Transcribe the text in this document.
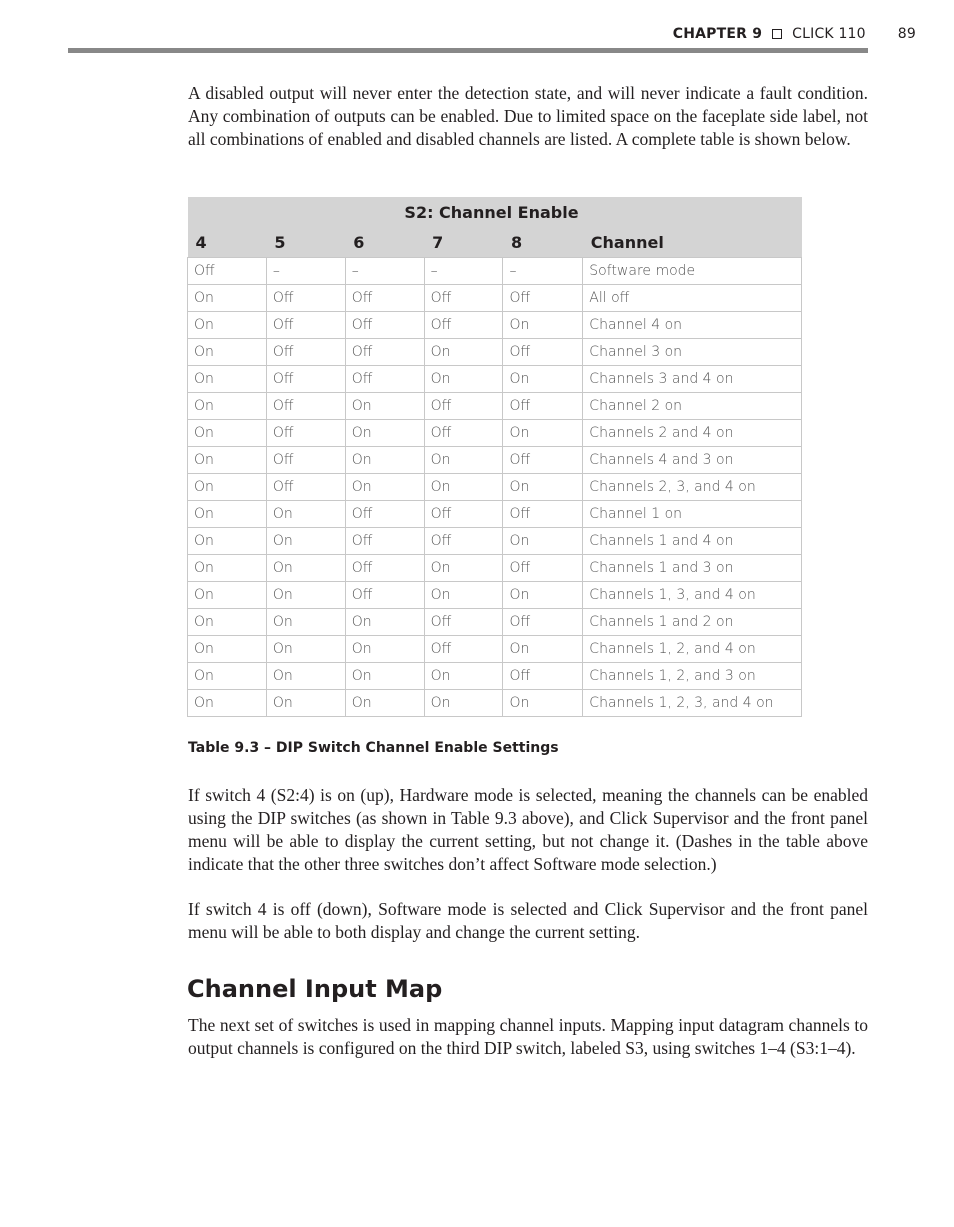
CHAPTER 9 CLICK 110 89

A disabled output will never enter the detection state, and will never indicate a fault condition. Any combination of outputs can be enabled. Due to limited space on the faceplate side label, not all combinations of enabled and disabled channels are listed. A complete table is shown below.

S2: Channel Enable					
4	5	6	7	8	Channel
Off	–	–	–	–	Software mode
On	Off	Off	Off	Off	All off
On	Off	Off	Off	On	Channel 4 on
On	Off	Off	On	Off	Channel 3 on
On	Off	Off	On	On	Channels 3 and 4 on
On	Off	On	Off	Off	Channel 2 on
On	Off	On	Off	On	Channels 2 and 4 on
On	Off	On	On	Off	Channels 4 and 3 on
On	Off	On	On	On	Channels 2, 3, and 4 on
On	On	Off	Off	Off	Channel 1 on
On	On	Off	Off	On	Channels 1 and 4 on
On	On	Off	On	Off	Channels 1 and 3 on
On	On	Off	On	On	Channels 1, 3, and 4 on
On	On	On	Off	Off	Channels 1 and 2 on
On	On	On	Off	On	Channels 1, 2, and 4 on
On	On	On	On	Off	Channels 1, 2, and 3 on
On	On	On	On	On	Channels 1, 2, 3, and 4 on
Table 9.3 – DIP Switch Channel Enable Settings

If switch 4 (S2:4) is on (up), Hardware mode is selected, meaning the channels can be enabled using the DIP switches (as shown in Table 9.3 above), and Click Supervisor and the front panel menu will be able to display the current setting, but not change it. (Dashes in the table above indicate that the other three switches don’t affect Software mode selection.)

If switch 4 is off (down), Software mode is selected and Click Supervisor and the front panel menu will be able to both display and change the current setting.

Channel Input Map

The next set of switches is used in mapping channel inputs. Mapping input datagram channels to output channels is configured on the third DIP switch, labeled S3, using switches 1–4 (S3:1–4).
